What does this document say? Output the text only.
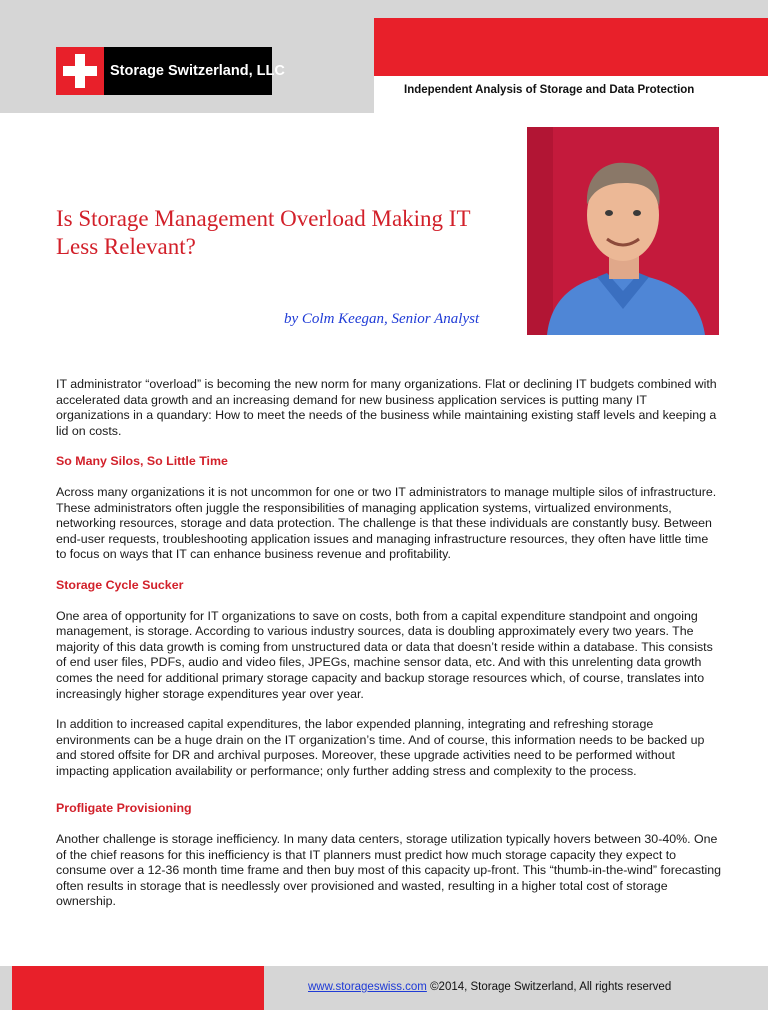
Independent Analysis of Storage and Data Protection
Storage Switzerland, LLC
Is Storage Management Overload Making IT Less Relevant?
by Colm Keegan, Senior Analyst

IT administrator “overload” is becoming the new norm for many organizations. Flat or declining IT budgets combined with accelerated data growth and an increasing demand for new business application services is putting many IT organizations in a quandary: How to meet the needs of the business while maintaining existing staff levels and keeping a lid on costs.

So Many Silos, So Little Time

Across many organizations it is not uncommon for one or two IT administrators to manage multiple silos of infrastructure. These administrators often juggle the responsibilities of managing application systems, virtualized environments, networking resources, storage and data protection. The challenge is that these individuals are constantly busy. Between end-user requests, troubleshooting application issues and managing infrastructure resources, they often have little time to focus on ways that IT can enhance business revenue and profitability.

Storage Cycle Sucker

One area of opportunity for IT organizations to save on costs, both from a capital expenditure standpoint and ongoing management, is storage. According to various industry sources, data is doubling approximately every two years. The majority of this data growth is coming from unstructured data or data that doesn’t reside within a database. This consists of end user files, PDFs, audio and video files, JPEGs, machine sensor data, etc. And with this unrelenting data growth comes the need for additional primary storage capacity and backup storage resources which, of course, translates into increasingly higher storage expenditures year over year.

In addition to increased capital expenditures, the labor expended planning, integrating and refreshing storage environments can be a huge drain on the IT organization’s time. And of course, this information needs to be backed up and stored offsite for DR and archival purposes. Moreover, these upgrade activities need to be performed without impacting application availability or performance; only further adding stress and complexity to the process.

Profligate Provisioning

Another challenge is storage inefficiency. In many data centers, storage utilization typically hovers between 30-40%. One of the chief reasons for this inefficiency is that IT planners must predict how much storage capacity they expect to consume over a 12-36 month time frame and then buy most of this capacity up-front. This “thumb-in-the-wind” forecasting often results in storage that is needlessly over provisioned and wasted, resulting in a higher total cost of storage ownership.

www.storageswiss.com ©2014, Storage Switzerland, All rights reserved
